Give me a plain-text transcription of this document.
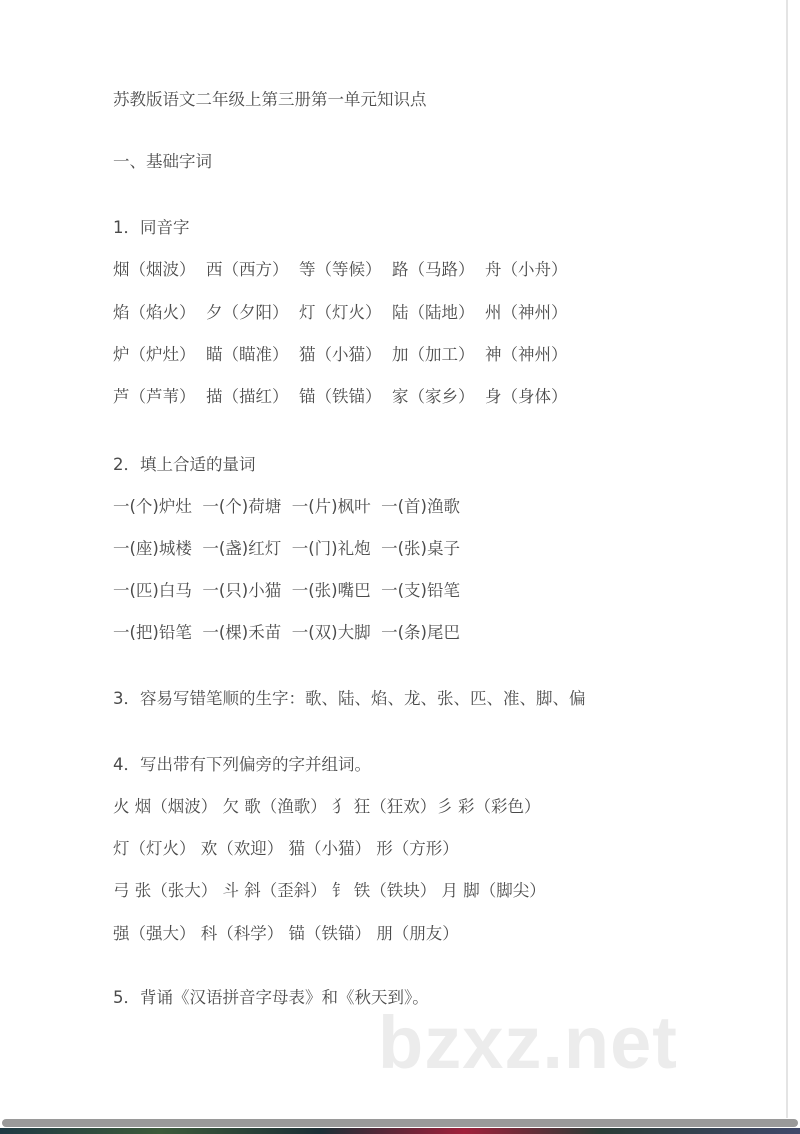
苏教版语文二年级上第三册第一单元知识点
一、基础字词
1．同音字
烟（烟波）  西（西方）  等（等候）  路（马路）  舟（小舟）
焰（焰火）  夕（夕阳）  灯（灯火）  陆（陆地）  州（神州）
炉（炉灶）  瞄（瞄准）  猫（小猫）  加（加工）  神（神州）
芦（芦苇）  描（描红）  锚（铁锚）  家（家乡）  身（身体）
2．填上合适的量词
一(个)炉灶  一(个)荷塘  一(片)枫叶  一(首)渔歌
一(座)城楼  一(盏)红灯  一(门)礼炮  一(张)桌子
一(匹)白马  一(只)小猫  一(张)嘴巴  一(支)铅笔
一(把)铅笔  一(棵)禾苗  一(双)大脚  一(条)尾巴
3．容易写错笔顺的生字：歌、陆、焰、龙、张、匹、准、脚、偏
4．写出带有下列偏旁的字并组词。
火 烟（烟波） 欠 歌（渔歌） 犭 狂（狂欢）彡 彩（彩色）
灯（灯火） 欢（欢迎） 猫（小猫） 形（方形）
弓 张（张大） 斗 斜（歪斜） 钅 铁（铁块） 月 脚（脚尖）
强（强大） 科（科学） 锚（铁锚） 朋（朋友）
5．背诵《汉语拼音字母表》和《秋天到》。
bzxz.net
